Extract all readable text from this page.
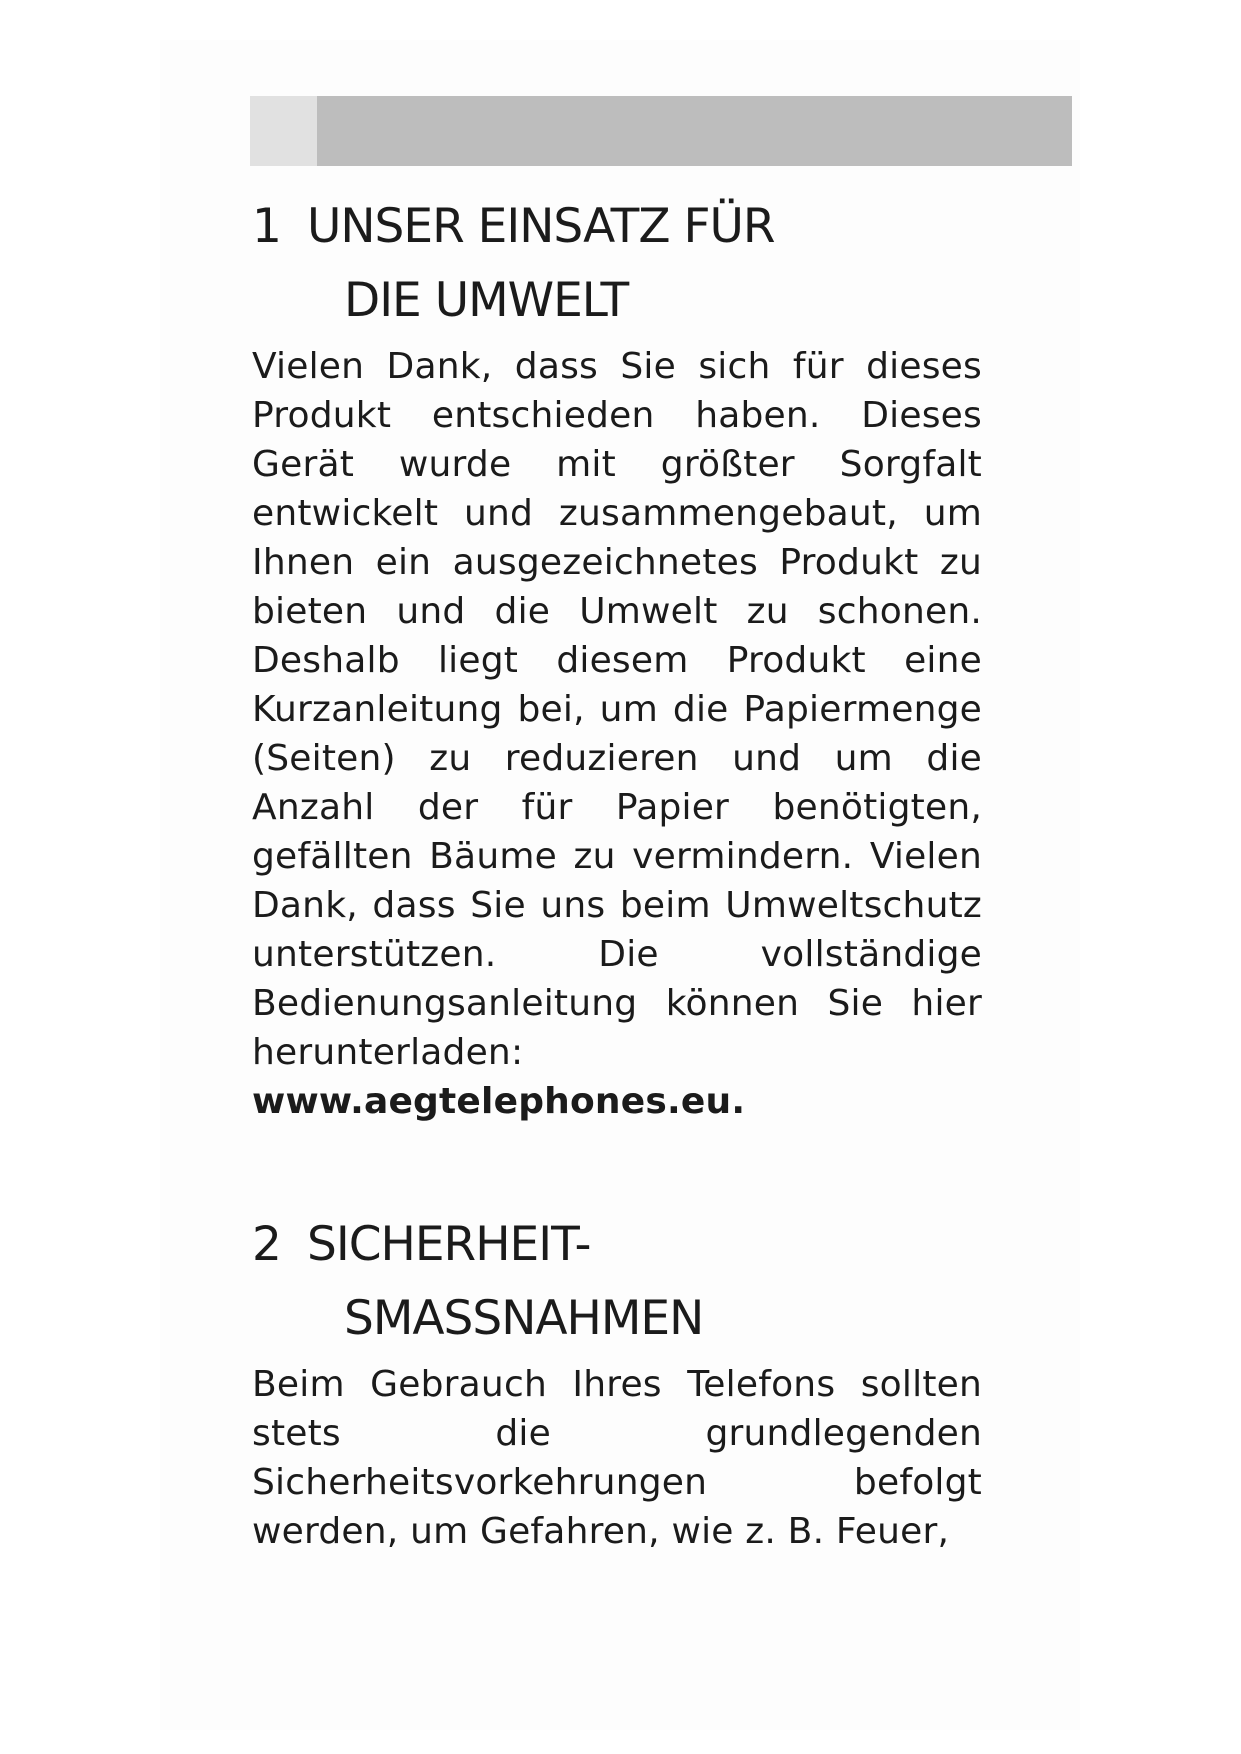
1 UNSER EINSATZ FÜR
DIE UMWELT

Vielen Dank, dass Sie sich für dieses Produkt entschieden haben. Dieses Gerät wurde mit größter Sorgfalt entwickelt und zusammengebaut, um Ihnen ein ausgezeichnetes Produkt zu bieten und die Umwelt zu schonen. Deshalb liegt diesem Produkt eine Kurzanleitung bei, um die Papiermenge (Seiten) zu reduzieren und um die Anzahl der für Papier benötigten, gefällten Bäume zu vermindern. Vielen Dank, dass Sie uns beim Umweltschutz unterstützen. Die vollständige Bedienungsanleitung können Sie hier herunterladen:  www.aegtelephones.eu.

2 SICHERHEIT-
SMASSNAHMEN

Beim Gebrauch Ihres Telefons sollten stets die grundlegenden Sicherheitsvorkehrungen befolgt werden, um Gefahren, wie z. B. Feuer,
